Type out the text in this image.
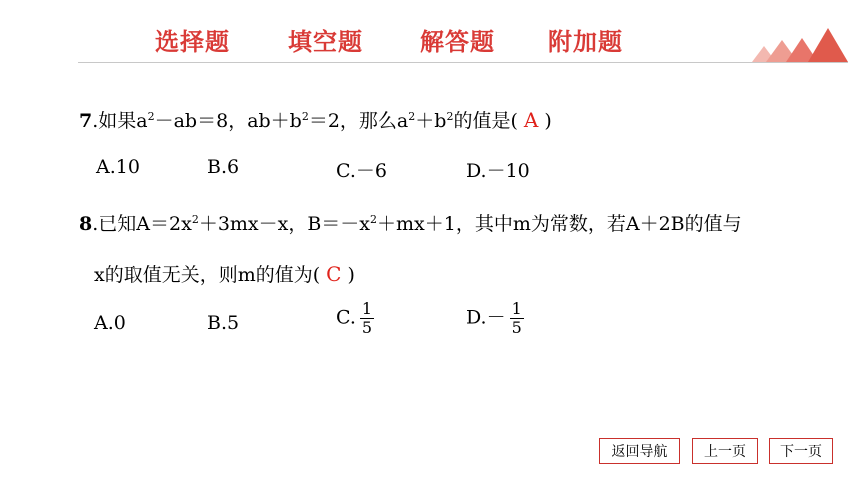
选择题 填空题 解答题 附加题
7.如果$a^2-ab=8$，$ab+b^2=2$，那么$a^2+b^2$的值是( A )
A.10	B.6	C.－6	D.－10
8.已知$A=2x^2+3mx-x$，$B=-x^2+mx+1$，其中m为常数，若A＋2B的值与
x的取值无关，则m的值为( C )
A.0	B.5	C. $\frac{1}{5}$	$D.- \frac{1}{5}$
返回导航	上一页	下一页
